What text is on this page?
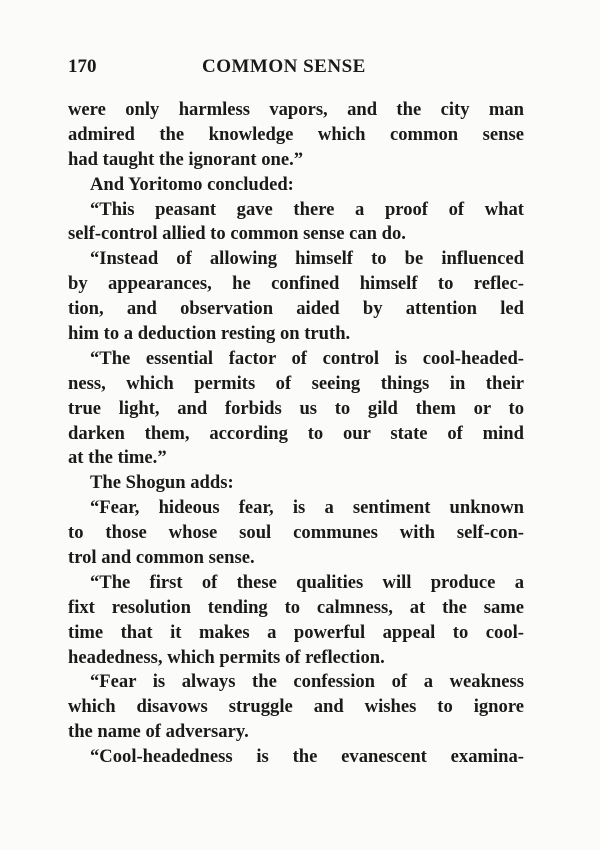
170	COMMON SENSE
were only harmless vapors, and the city man
admired the knowledge which common sense
had taught the ignorant one.”
And Yoritomo concluded:
“This peasant gave there a proof of what
self-control allied to common sense can do.
“Instead of allowing himself to be influenced
by appearances, he confined himself to reflec-
tion, and observation aided by attention led
him to a deduction resting on truth.
“The essential factor of control is cool-headed-
ness, which permits of seeing things in their
true light, and forbids us to gild them or to
darken them, according to our state of mind
at the time.”
The Shogun adds:
“Fear, hideous fear, is a sentiment unknown
to those whose soul communes with self-con-
trol and common sense.
“The first of these qualities will produce a
fixt resolution tending to calmness, at the same
time that it makes a powerful appeal to cool-
headedness, which permits of reflection.
“Fear is always the confession of a weakness
which disavows struggle and wishes to ignore
the name of adversary.
“Cool-headedness is the evanescent examina-
